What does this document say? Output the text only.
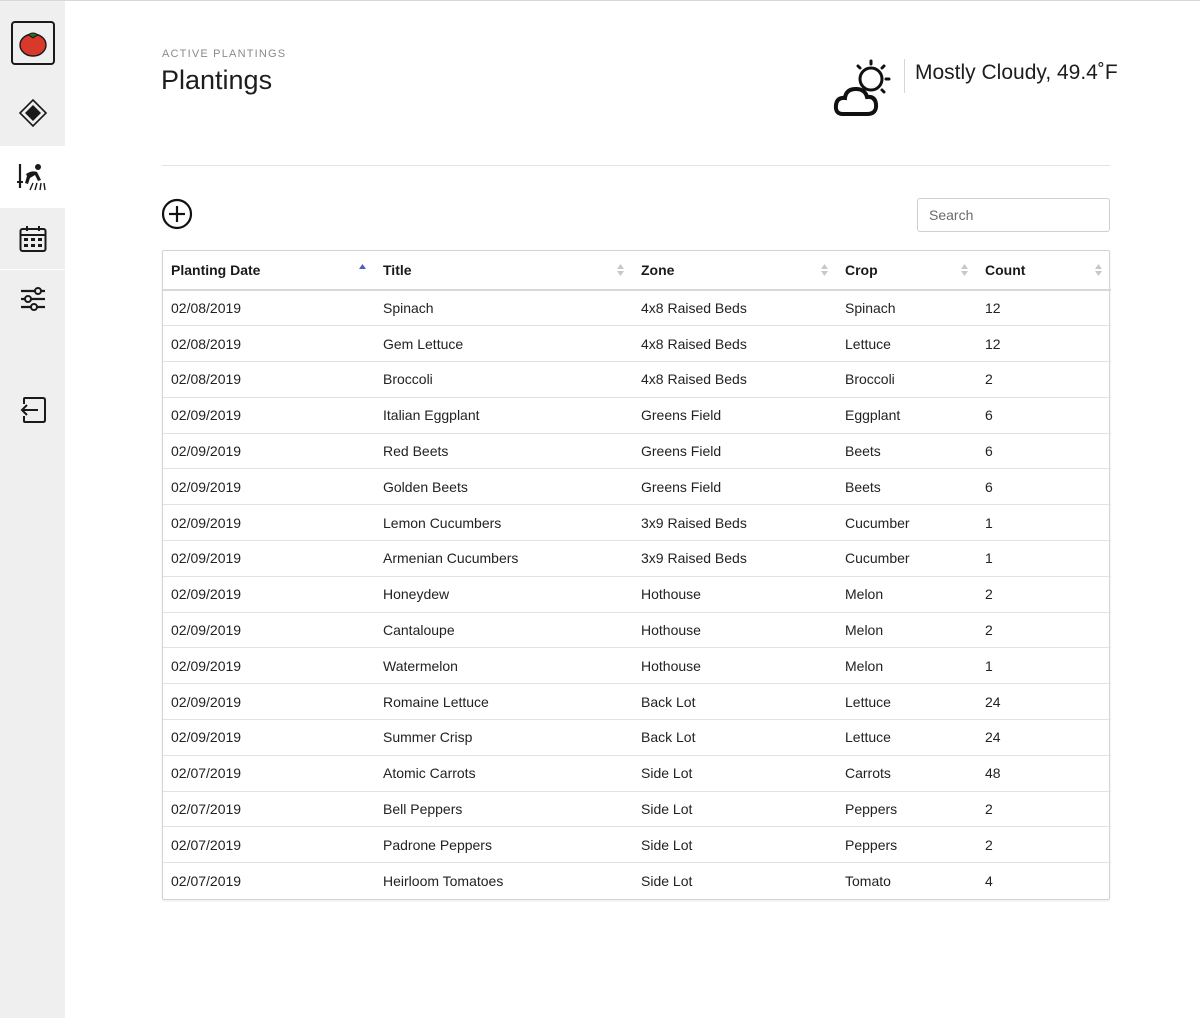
ACTIVE PLANTINGS
Plantings	Mostly Cloudy, 49.4˚F
Search
Planting Date	Title	Zone	Crop	Count

02/08/2019	Spinach	4x8 Raised Beds	Spinach	12
02/08/2019	Gem Lettuce	4x8 Raised Beds	Lettuce	12
02/08/2019	Broccoli	4x8 Raised Beds	Broccoli	2
02/09/2019	Italian Eggplant	Greens Field	Eggplant	6
02/09/2019	Red Beets	Greens Field	Beets	6
02/09/2019	Golden Beets	Greens Field	Beets	6
02/09/2019	Lemon Cucumbers	3x9 Raised Beds	Cucumber	1
02/09/2019	Armenian Cucumbers	3x9 Raised Beds	Cucumber	1
02/09/2019	Honeydew	Hothouse	Melon	2
02/09/2019	Cantaloupe	Hothouse	Melon	2
02/09/2019	Watermelon	Hothouse	Melon	1
02/09/2019	Romaine Lettuce	Back Lot	Lettuce	24
02/09/2019	Summer Crisp	Back Lot	Lettuce	24
02/07/2019	Atomic Carrots	Side Lot	Carrots	48
02/07/2019	Bell Peppers	Side Lot	Peppers	2
02/07/2019	Padrone Peppers	Side Lot	Peppers	2
02/07/2019	Heirloom Tomatoes	Side Lot	Tomato	4
